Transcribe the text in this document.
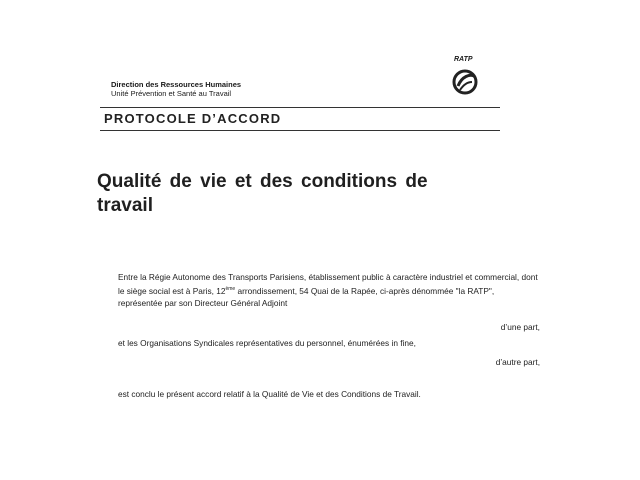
Direction des Ressources Humaines
Unité Prévention et Santé au Travail
RATP
PROTOCOLE D’ACCORD
Qualité de vie et des conditions de travail
Entre la Régie Autonome des Transports Parisiens, établissement public à caractère industriel et commercial, dont le siège social est à Paris, 12ème arrondissement, 54 Quai de la Rapée, ci-après dénommée "la RATP", représentée par son Directeur Général Adjoint
d’une part,
et les Organisations Syndicales représentatives du personnel, énumérées in fine,
d’autre part,
est conclu le présent accord relatif à la Qualité de Vie et des Conditions de Travail.
